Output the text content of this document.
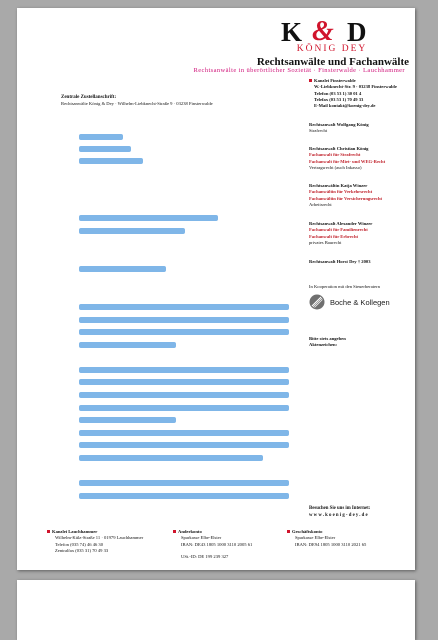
K & D
KÖNIG DEY
Rechtsanwälte und Fachanwälte
Rechtsanwälte in überörtlicher Sozietät · Finsterwalde · Lauchhammer
Zentrale Zustellanschrift:
Rechtsanwälte König & Dey · Wilhelm-Liebknecht-Straße 9 · 03238 Finsterwalde
Kanzlei Finsterwalde
W.-Liebknecht-Str. 9 · 03238 Finsterwalde
Telefon (03 53 1) 30 01 4
Telefax (03 53 1) 70 49 33
E-Mail kontakt@koenig-dey.de
Rechtsanwalt Wolfgang König
Strafrecht
Rechtsanwalt Christian König
Fachanwalt für Strafrecht
Fachanwalt für Miet- und WEG-Recht
Vertragsrecht (auch Inkasso)
Rechtsanwältin Katja Winzer
Fachanwältin für Verkehrsrecht
Fachanwältin für Versicherungsrecht
Arbeitsrecht
Rechtsanwalt Alexander Winzer
Fachanwalt für Familienrecht
Fachanwalt für Erbrecht
privates Baurecht
Rechtsanwalt Horst Dey † 2003
In Kooperation mit den Steuerberatern
Boche & Kollegen
Bitte stets angeben
Aktenzeichen:
Besuchen Sie uns im Internet:
www.koenig-dey.de
Kanzlei Lauchhammer
Wilhelm-Külz-Straße 11 · 01979 Lauchhammer
Telefon (035 74) 46 46 30
Zentralfax (035 31) 70 49 33
Anderkonto
Sparkasse Elbe-Elster
IBAN: DE43 1805 1000 3110 2005 61
USt.-ID: DE 199 239 327
Geschäftskonto
Sparkasse Elbe-Elster
IBAN: DE94 1805 1000 3110 2021 65
